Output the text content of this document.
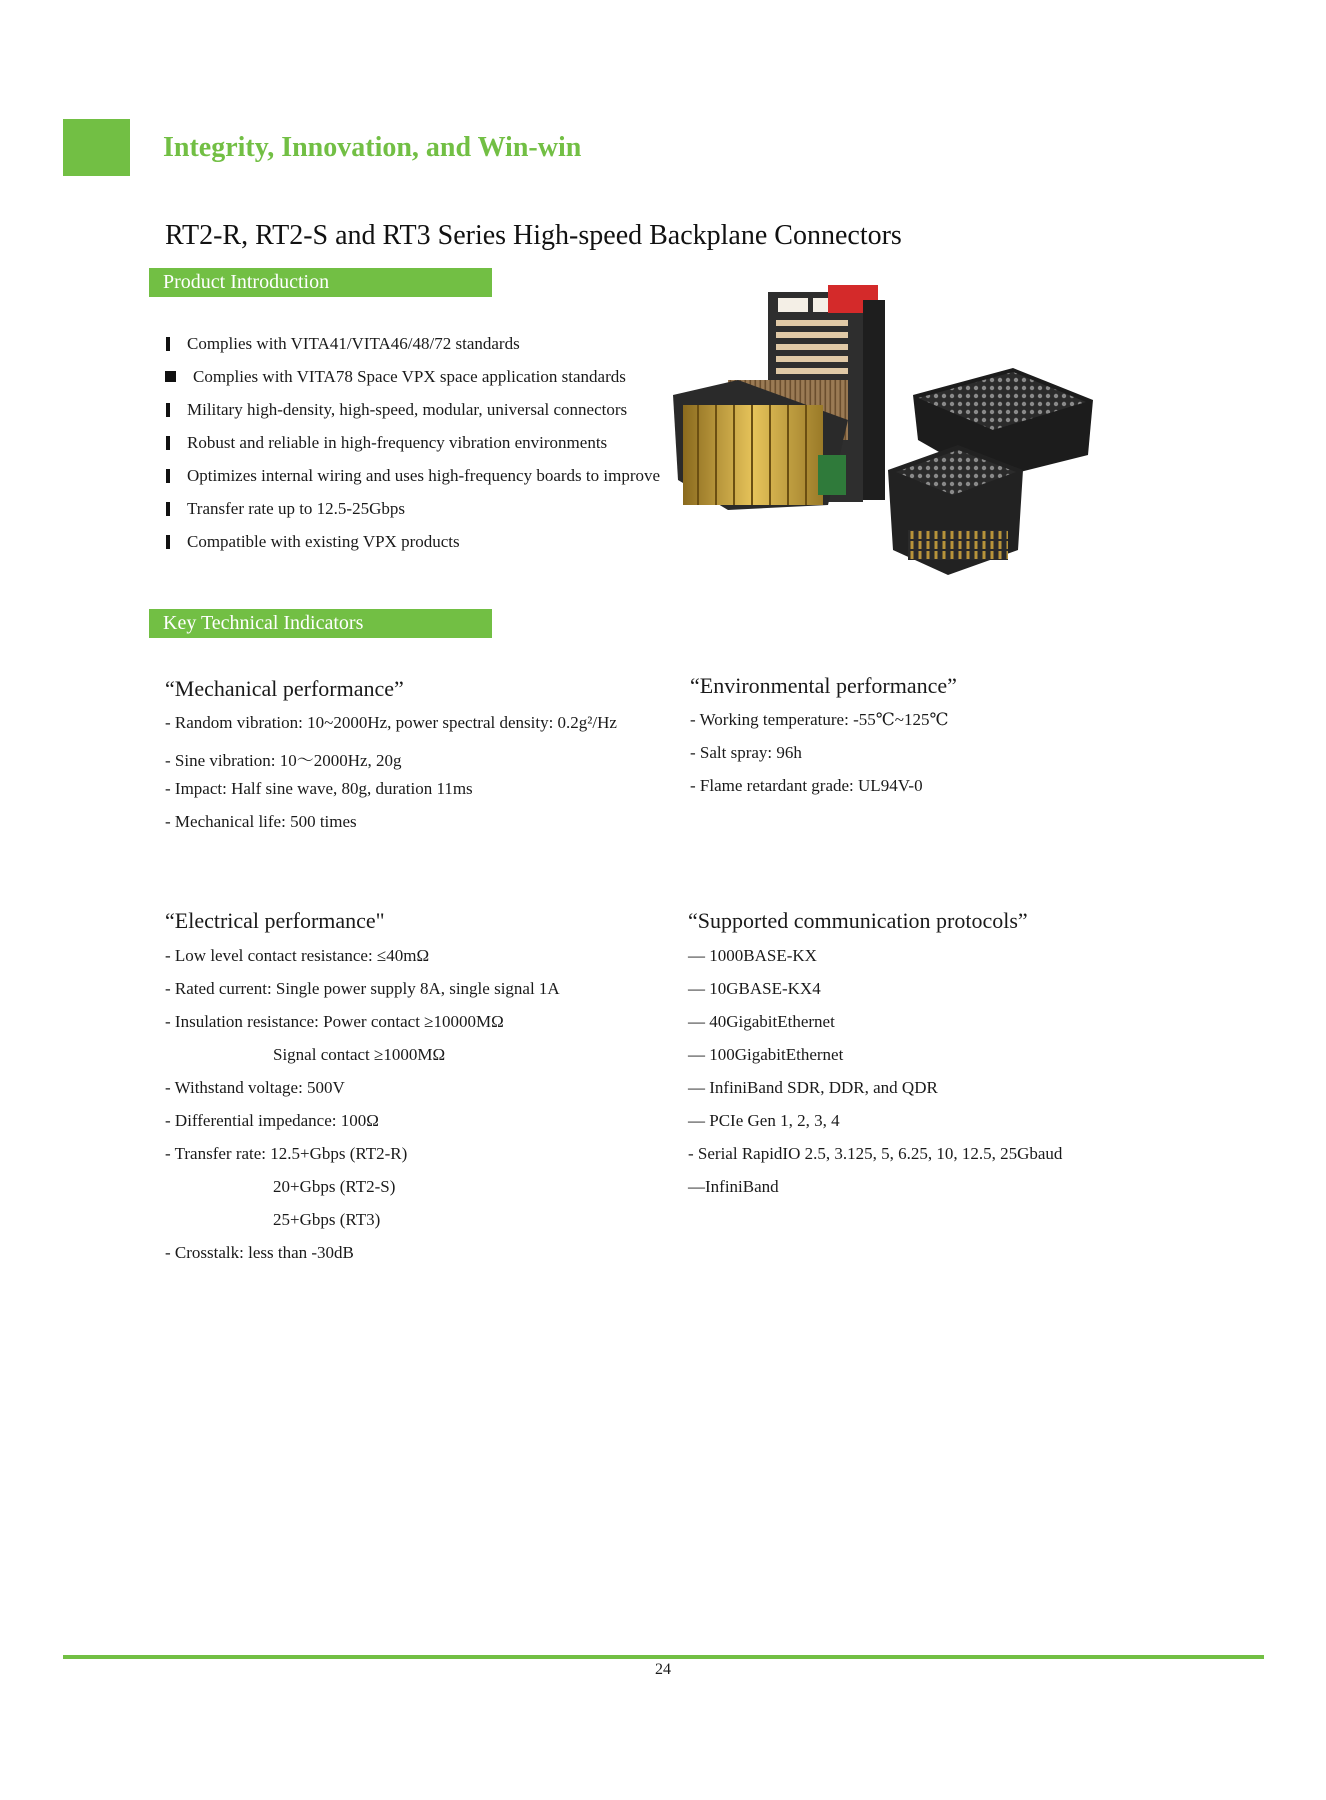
Integrity, Innovation, and Win-win
RT2-R, RT2-S and RT3 Series High-speed Backplane Connectors
Product Introduction
Complies with VITA41/VITA46/48/72 standards
Complies with VITA78 Space VPX space application standards
Military high-density, high-speed, modular, universal connectors
Robust and reliable in high-frequency vibration environments
Optimizes internal wiring and uses high-frequency boards to improve
Transfer rate up to 12.5-25Gbps
Compatible with existing VPX products
Key Technical Indicators
“Mechanical performance”
- Random vibration: 10~2000Hz, power spectral density: 0.2g²/Hz
- Sine vibration: 10～2000Hz, 20g
- Impact: Half sine wave, 80g, duration 11ms
- Mechanical life: 500 times
“Environmental performance”
- Working temperature: -55℃~125℃
- Salt spray: 96h
- Flame retardant grade: UL94V-0
“Electrical performance"
- Low level contact resistance: ≤40mΩ
- Rated current: Single power supply 8A, single signal 1A
- Insulation resistance: Power contact ≥10000MΩ
Signal contact ≥1000MΩ
- Withstand voltage: 500V
- Differential impedance: 100Ω
- Transfer rate: 12.5+Gbps (RT2-R)
20+Gbps (RT2-S)
25+Gbps (RT3)
- Crosstalk: less than -30dB
“Supported communication protocols”
— 1000BASE-KX
— 10GBASE-KX4
— 40GigabitEthernet
— 100GigabitEthernet
— InfiniBand SDR, DDR, and QDR
— PCIe Gen 1, 2, 3, 4
- Serial RapidIO 2.5, 3.125, 5, 6.25, 10, 12.5, 25Gbaud
—InfiniBand
24
